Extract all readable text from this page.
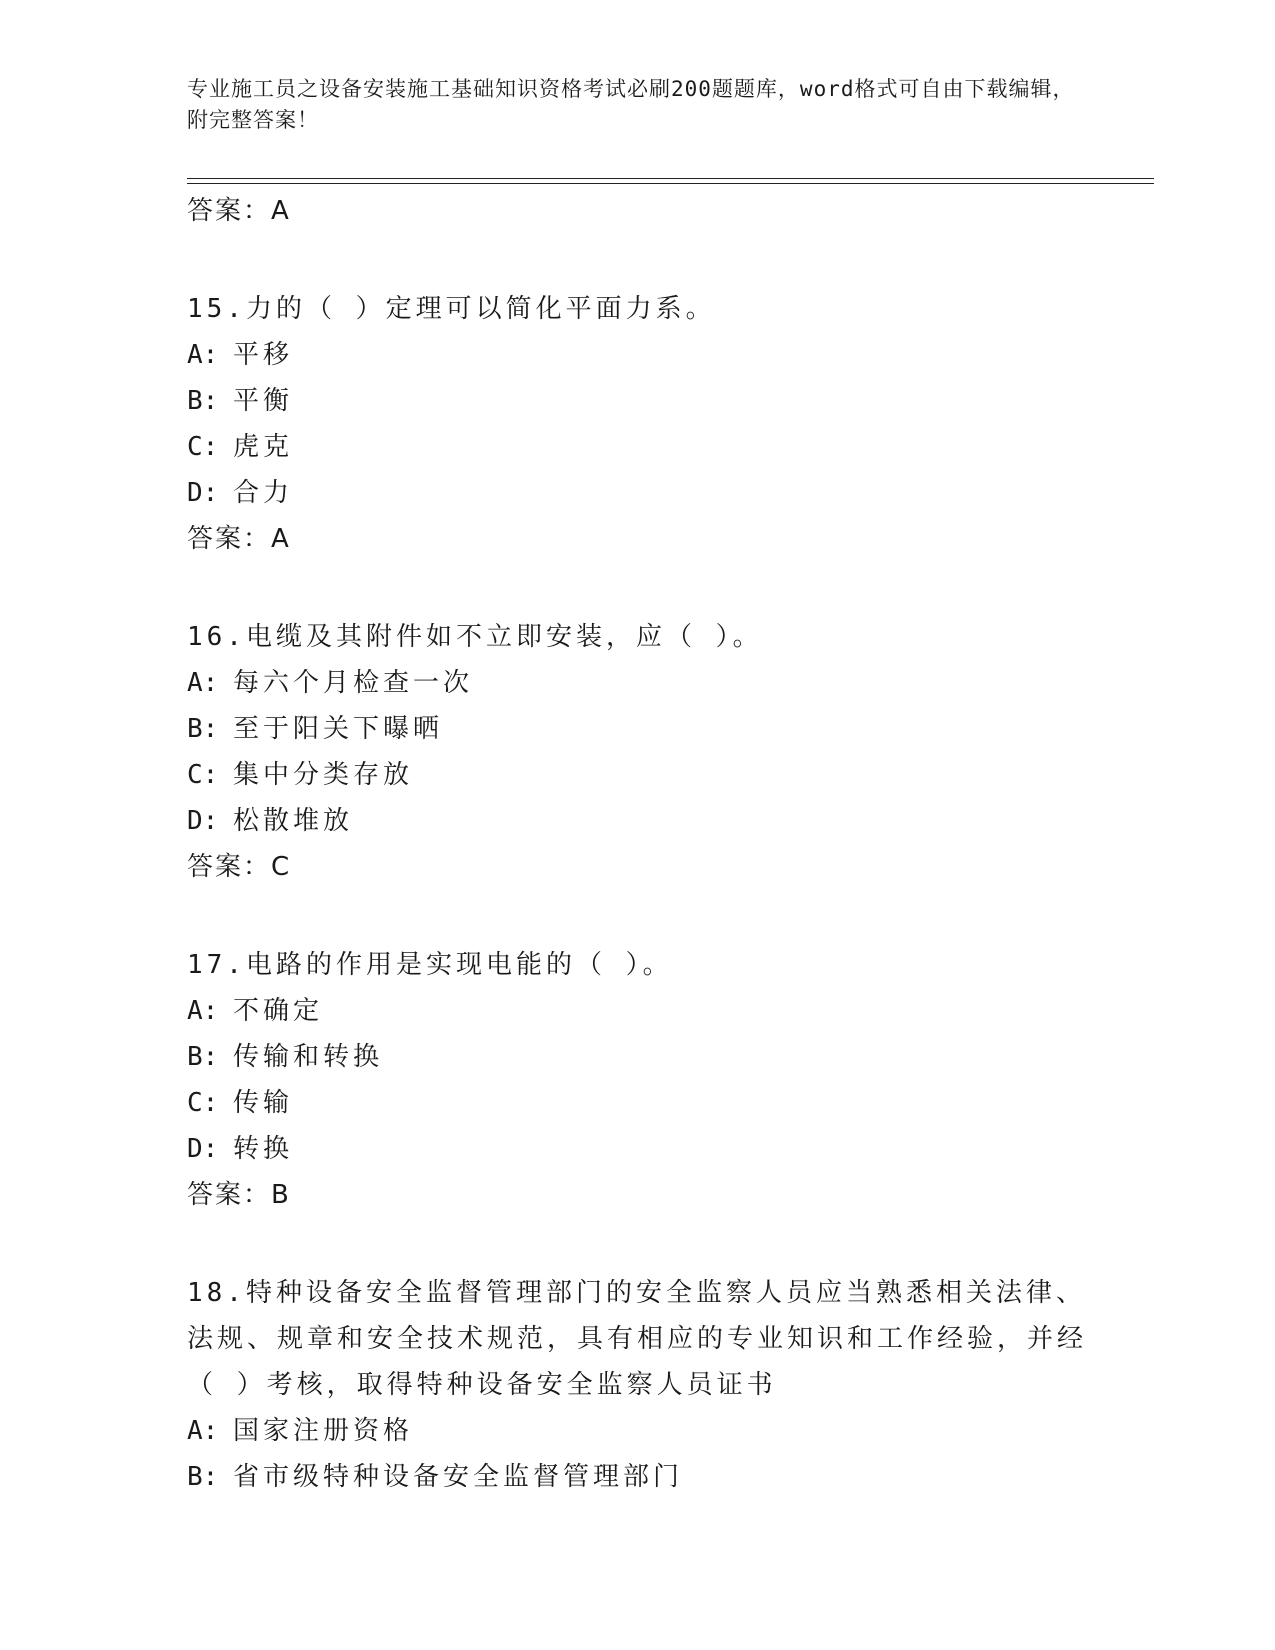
专业施工员之设备安装施工基础知识资格考试必刷200题题库，word格式可自由下载编辑，附完整答案！
答案：A
15.力的（ ）定理可以简化平面力系。
A: 平移
B: 平衡
C: 虎克
D: 合力
答案：A
16.电缆及其附件如不立即安装，应（ ）。
A: 每六个月检查一次
B: 至于阳关下曝晒
C: 集中分类存放
D: 松散堆放
答案：C
17.电路的作用是实现电能的（ ）。
A: 不确定
B: 传输和转换
C: 传输
D: 转换
答案：B
18.特种设备安全监督管理部门的安全监察人员应当熟悉相关法律、法规、规章和安全技术规范，具有相应的专业知识和工作经验，并经（ ）考核，取得特种设备安全监察人员证书
A: 国家注册资格
B: 省市级特种设备安全监督管理部门
